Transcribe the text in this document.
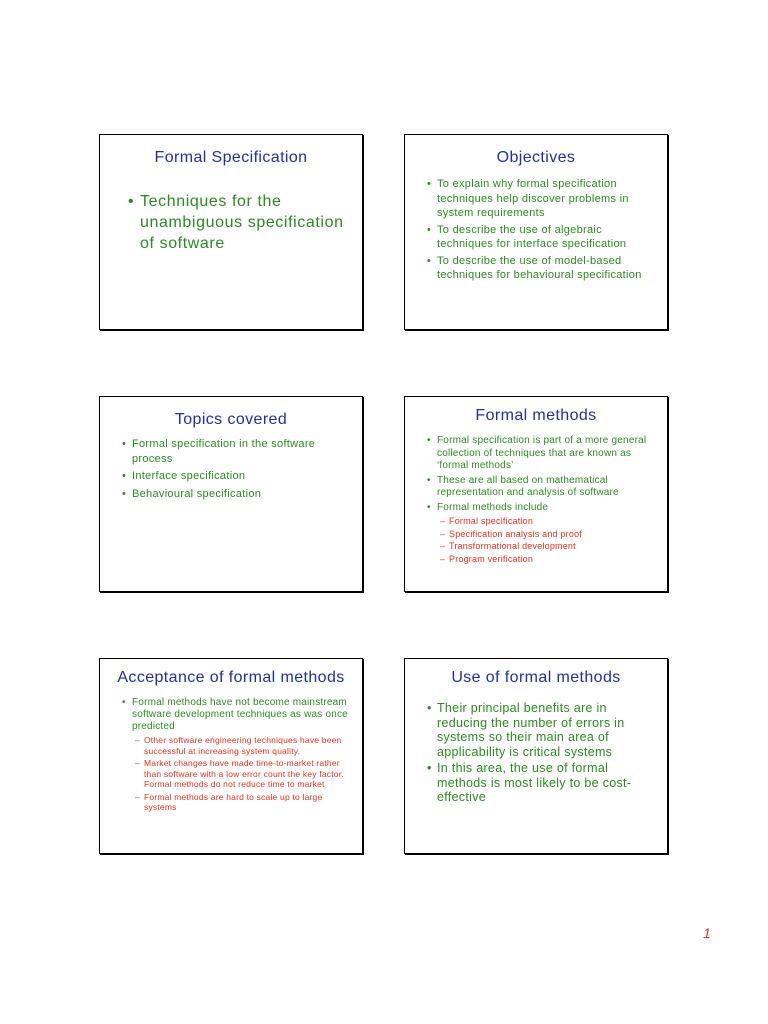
Formal Specification
• Techniques for the unambiguous specification of software
Objectives
• To explain why formal specification techniques help discover problems in system requirements
• To describe the use of algebraic techniques for interface specification
• To describe the use of model-based techniques for behavioural specification
Topics covered
• Formal specification in the software process
• Interface specification
• Behavioural specification
Formal methods
• Formal specification is part of a more general collection of techniques that are known as ‘formal methods’
• These are all based on mathematical representation and analysis of software
• Formal methods include
– Formal specification
– Specification analysis and proof
– Transformational development
– Program verification
Acceptance of formal methods
• Formal methods have not become mainstream software development techniques as was once predicted
– Other software engineering techniques have been successful at increasing system quality.
– Market changes have made time-to-market rather than software with a low error count the key factor. Formal methods do not reduce time to market
– Formal methods are hard to scale up to large systems
Use of formal methods
• Their principal benefits are in reducing the number of errors in systems so their main area of applicability is critical systems
• In this area, the use of formal methods is most likely to be cost-effective
1
